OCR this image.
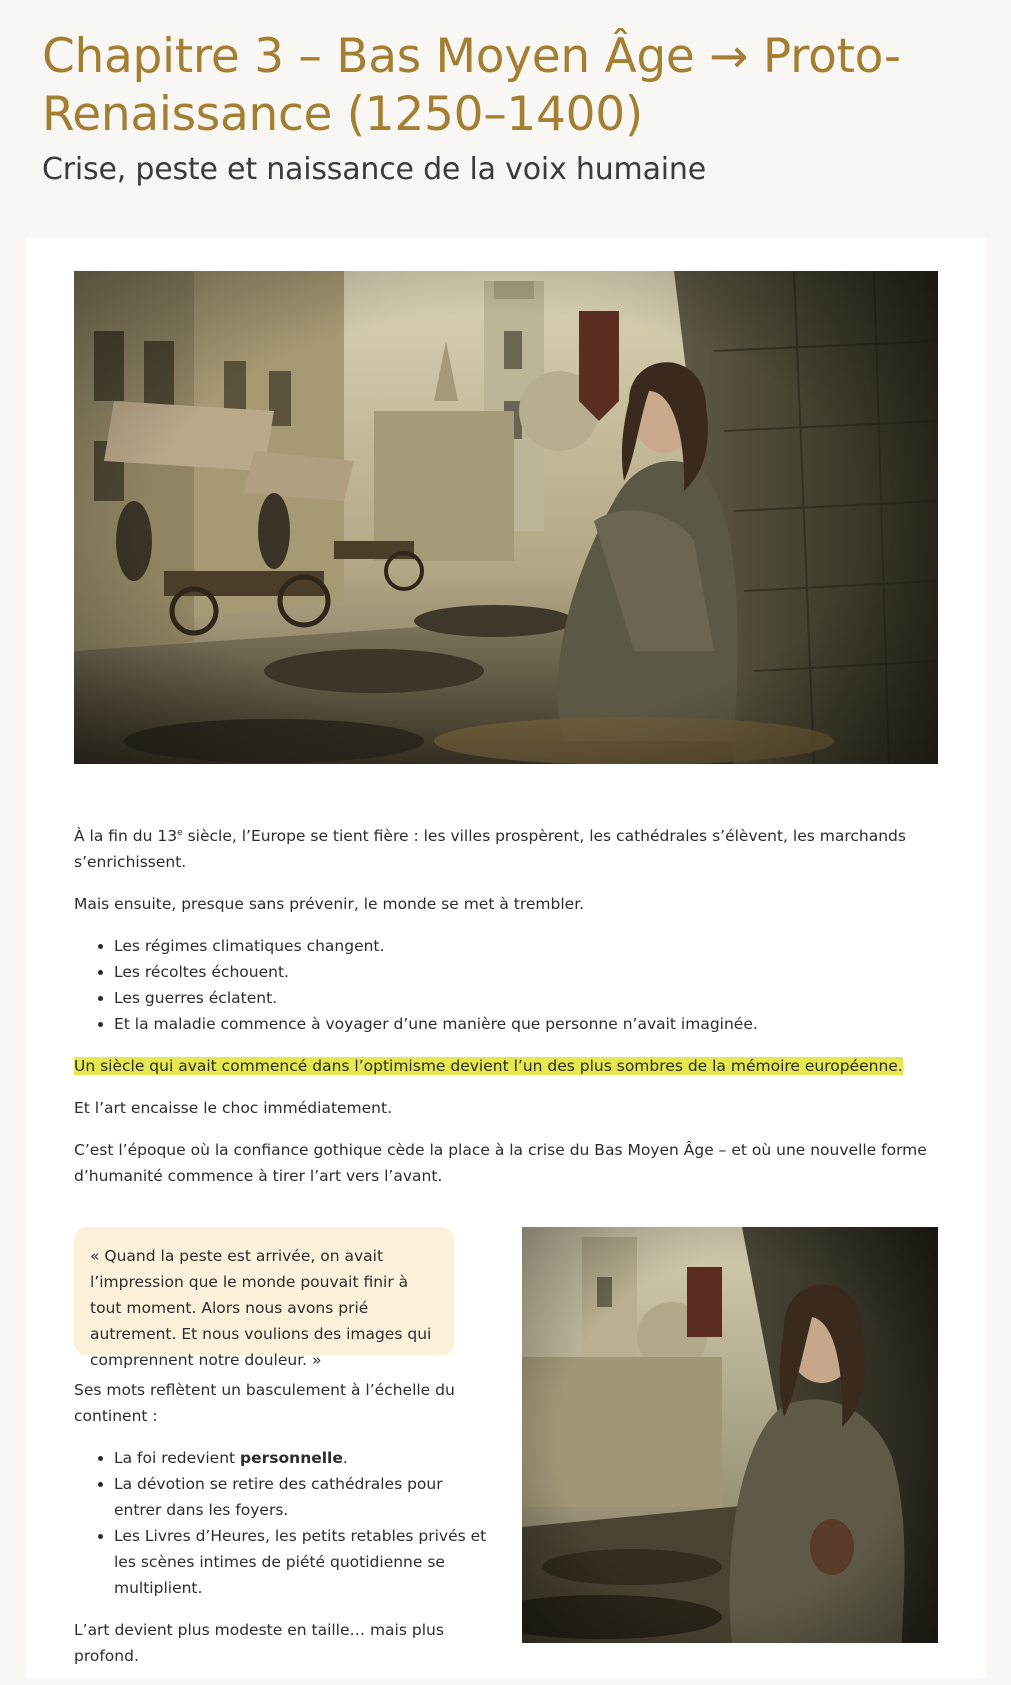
Chapitre 3 – Bas Moyen Âge → Proto-Renaissance (1250–1400)
Crise, peste et naissance de la voix humaine

À la fin du 13e siècle, l’Europe se tient fière : les villes prospèrent, les cathédrales s’élèvent, les marchands s’enrichissent.

Mais ensuite, presque sans prévenir, le monde se met à trembler.

• Les régimes climatiques changent.
• Les récoltes échouent.
• Les guerres éclatent.
• Et la maladie commence à voyager d’une manière que personne n’avait imaginée.

Un siècle qui avait commencé dans l’optimisme devient l’un des plus sombres de la mémoire européenne.

Et l’art encaisse le choc immédiatement.

C’est l’époque où la confiance gothique cède la place à la crise du Bas Moyen Âge – et où une nouvelle forme d’humanité commence à tirer l’art vers l’avant.

« Quand la peste est arrivée, on avait l’impression que le monde pouvait finir à tout moment. Alors nous avons prié autrement. Et nous voulions des images qui comprennent notre douleur. »

Ses mots reflètent un basculement à l’échelle du continent :

• La foi redevient personnelle.
• La dévotion se retire des cathédrales pour entrer dans les foyers.
• Les Livres d’Heures, les petits retables privés et les scènes intimes de piété quotidienne se multiplient.

L’art devient plus modeste en taille… mais plus profond.
